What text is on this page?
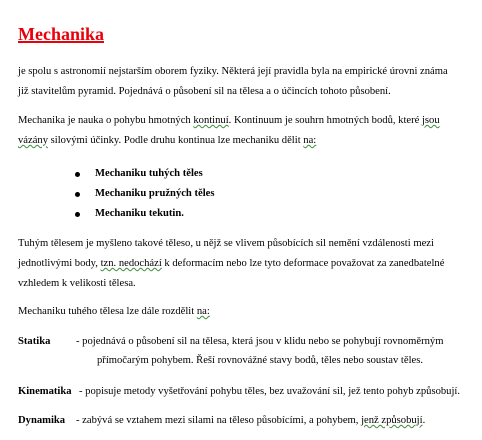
Mechanika
je spolu s astronomií nejstarším oborem fyziky. Některá její pravidla byla na empirické úrovni známa
již stavitelům pyramid. Pojednává o působení sil na tělesa a o účincích tohoto působení.
Mechanika je nauka o pohybu hmotných kontinuí. Kontinuum je souhrn hmotných bodů, které jsou
vázány silovými účinky. Podle druhu kontinua lze mechaniku dělit na:
Mechaniku tuhých těles
Mechaniku pružných těles
Mechaniku tekutin.
Tuhým tělesem je myšleno takové těleso, u nějž se vlivem působících sil nemění vzdálenosti mezi
jednotlivými body, tzn. nedochází k deformacím nebo lze tyto deformace považovat za zanedbatelné
vzhledem k velikosti tělesa.
Mechaniku tuhého tělesa lze dále rozdělit na:
Statika - pojednává o působení sil na tělesa, která jsou v klidu nebo se pohybují rovnoměrným
přímočarým pohybem. Řeší rovnovážné stavy bodů, těles nebo soustav těles.
Kinematika - popisuje metody vyšetřování pohybu těles, bez uvažování sil, jež tento pohyb způsobují.
Dynamika - zabývá se vztahem mezi silami na těleso působícími, a pohybem, jenž způsobují.
